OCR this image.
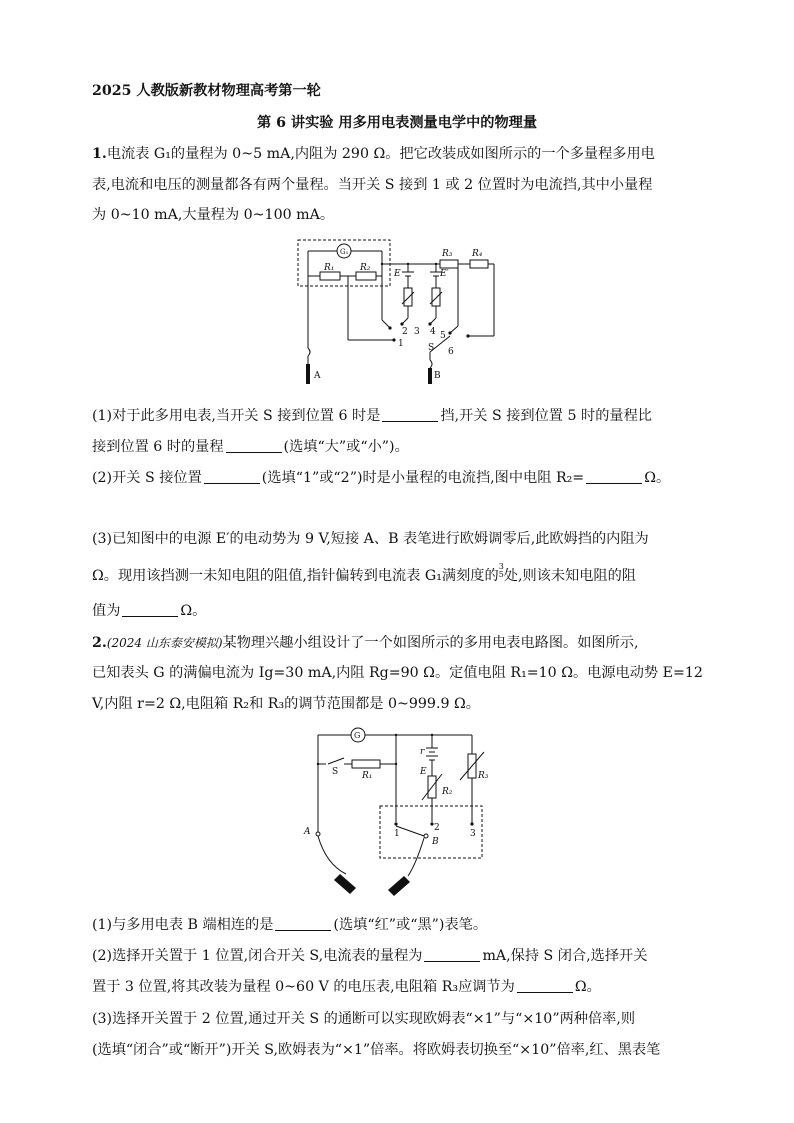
2025 人教版新教材物理高考第一轮
第 6 讲实验 用多用电表测量电学中的物理量
1.电流表 G₁的量程为 0~5 mA,内阻为 290 Ω。把它改装成如图所示的一个多量程多用电
表,电流和电压的测量都各有两个量程。当开关 S 接到 1 或 2 位置时为电流挡,其中小量程
为 0~10 mA,大量程为 0~100 mA。
G₁
R₁	R₂
R₃ R₄
E	E′
1
2 3 4 5
6
S
A	B
(1)对于此多用电表,当开关 S 接到位置 6 时是	挡,开关 S 接到位置 5 时的量程比
接到位置 6 时的量程	(选填“大”或“小”)。
(2)开关 S 接位置	(选填“1”或“2”)时是小量程的电流挡,图中电阻 R₂=	Ω。
(3)已知图中的电源 E′的电动势为 9 V,短接 A、B 表笔进行欧姆调零后,此欧姆挡的内阻为
Ω。现用该挡测一未知电阻的阻值,指针偏转到电流表 G₁满刻度的3
5处,则该未知电阻的阻
值为	Ω。
2.(2024 山东泰安模拟)某物理兴趣小组设计了一个如图所示的多用电表电路图。如图所示,
已知表头 G 的满偏电流为 Ig=30 mA,内阻 Rg=90 Ω。定值电阻 R₁=10 Ω。电源电动势 E=12
V,内阻 r=2 Ω,电阻箱 R₂和 R₃的调节范围都是 0~999.9 Ω。
G
S	R₁
r
E
R₂
R₃
1
2
3
A
B
(1)与多用电表 B 端相连的是	(选填“红”或“黑”)表笔。
(2)选择开关置于 1 位置,闭合开关 S,电流表的量程为	mA,保持 S 闭合,选择开关
置于 3 位置,将其改装为量程 0~60 V 的电压表,电阻箱 R₃应调节为	Ω。
(3)选择开关置于 2 位置,通过开关 S 的通断可以实现欧姆表“×1”与“×10”两种倍率,则
(选填“闭合”或“断开”)开关 S,欧姆表为“×1”倍率。将欧姆表切换至“×10”倍率,红、黑表笔
